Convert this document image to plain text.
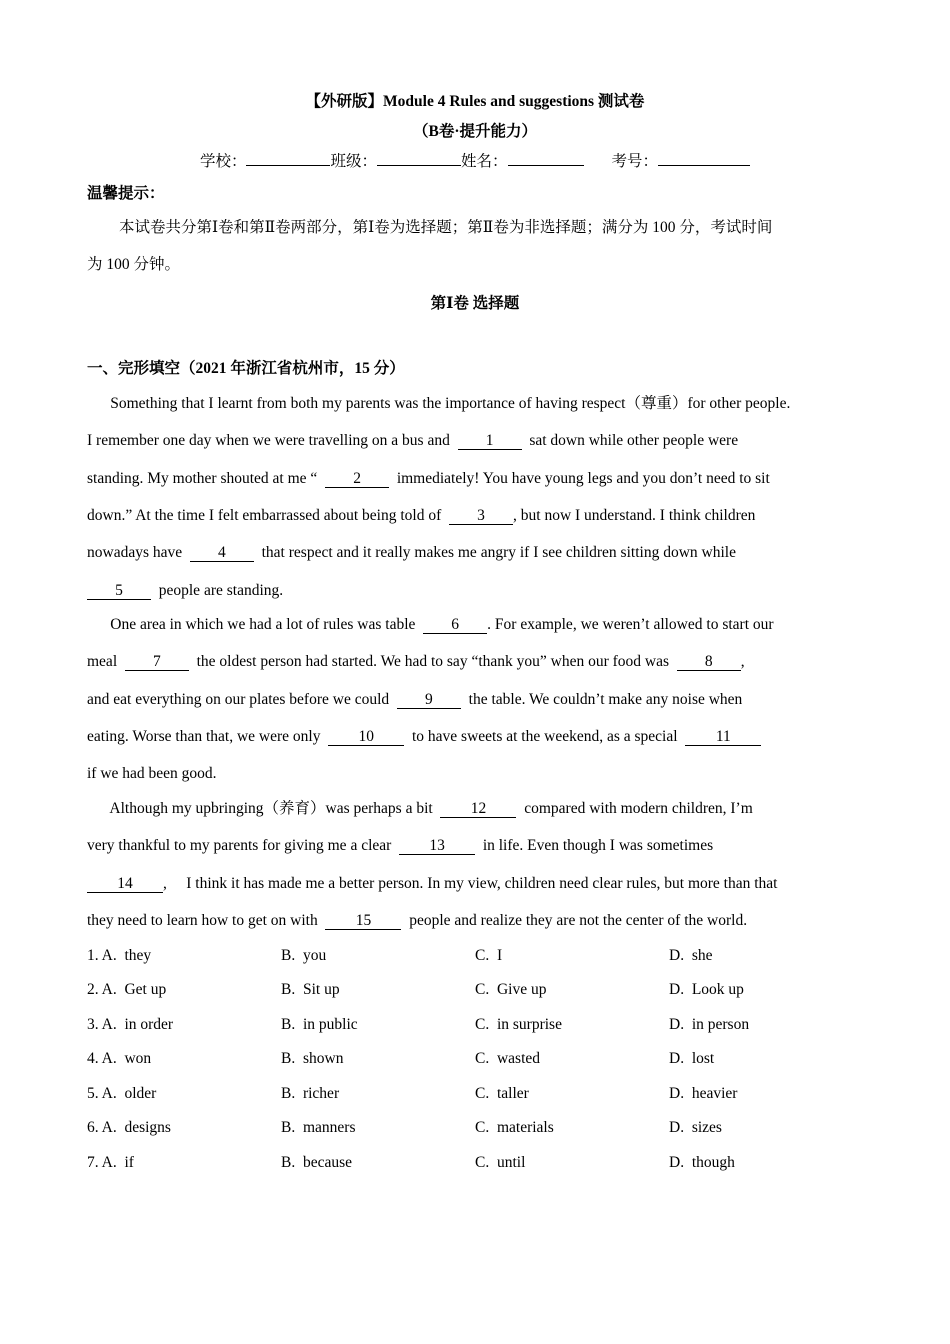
【外研版】Module 4 Rules and suggestions 测试卷
（B卷·提升能力）
学校：	班级：	姓名：	考号：
温馨提示：
本试卷共分第Ⅰ卷和第Ⅱ卷两部分，第Ⅰ卷为选择题；第Ⅱ卷为非选择题；满分为 100 分，考试时间
为 100 分钟。
第Ⅰ卷 选择题
一、完形填空（2021 年浙江省杭州市，15 分）
Something that I learnt from both my parents was the importance of having respect（尊重）for other people.
I remember one day when we were travelling on a bus and  1  sat down while other people were
standing. My mother shouted at me “  2  immediately! You have young legs and you don’t need to sit
down.” At the time I felt embarrassed about being told of  3 , but now I understand. I think children
nowadays have  4  that respect and it really makes me angry if I see children sitting down while
5  people are standing.
One area in which we had a lot of rules was table  6 . For example, we weren’t allowed to start our
meal  7  the oldest person had started. We had to say “thank you” when our food was  8 ,
and eat everything on our plates before we could  9  the table. We couldn’t make any noise when
eating. Worse than that, we were only  10  to have sweets at the weekend, as a special  11
if we had been good.
Although my upbringing（养育）was perhaps a bit  12  compared with modern children, I’m
very thankful to my parents for giving me a clear  13  in life. Even though I was sometimes
14 ,     I think it has made me a better person. In my view, children need clear rules, but more than that
they need to learn how to get on with  15  people and realize they are not the center of the world.
1. A.  they	B.  you	C.  I	D.  she
2. A.  Get up	B.  Sit up	C.  Give up	D.  Look up
3. A.  in order	B.  in public	C.  in surprise	D.  in person
4. A.  won	B.  shown	C.  wasted	D.  lost
5. A.  older	B.  richer	C.  taller	D.  heavier
6. A.  designs	B.  manners	C.  materials	D.  sizes
7. A.  if	B.  because	C.  until	D.  though
